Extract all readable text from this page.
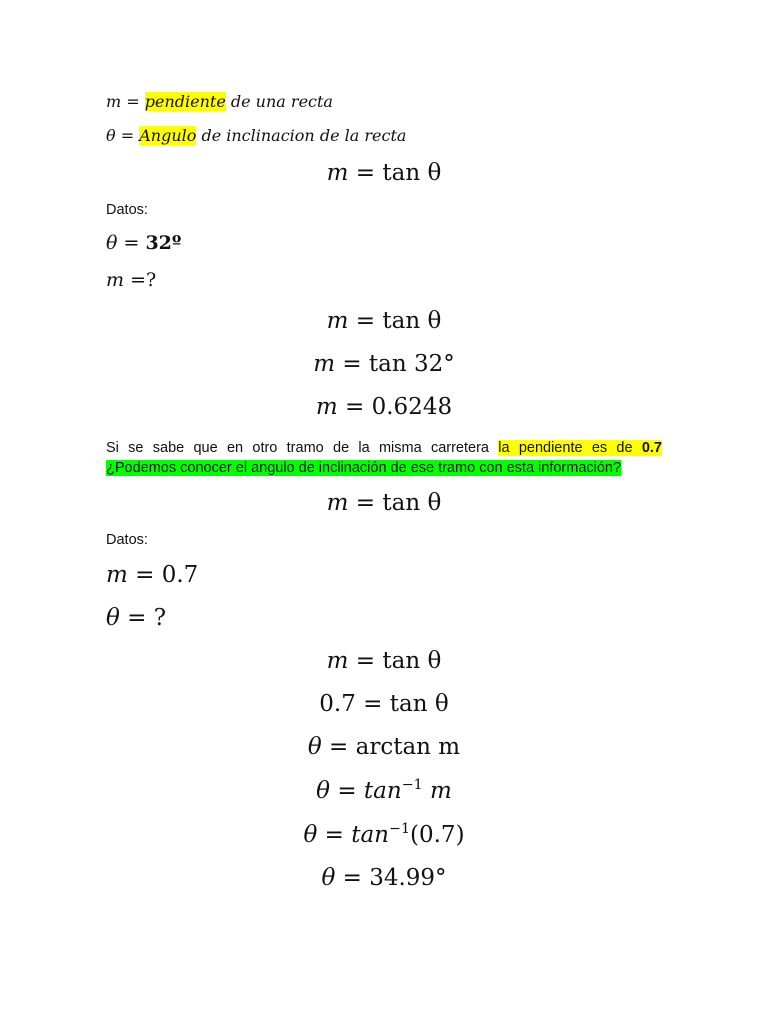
m = pendiente de una recta
θ = Angulo de inclinacion de la recta
m = tan θ
Datos:
θ = 32º
m =?
m = tan θ
m = tan 32°
m = 0.6248
Si se sabe que en otro tramo de la misma carretera la pendiente es de 0.7
¿Podemos conocer el angulo de inclinación de ese tramo con esta información?
m = tan θ
Datos:
m = 0.7
θ = ?
m = tan θ
0.7 = tan θ
θ = arctan m
$\theta = \tan^{-1} m$
$\theta = \tan^{-1}(0.7)$
θ = 34.99°
